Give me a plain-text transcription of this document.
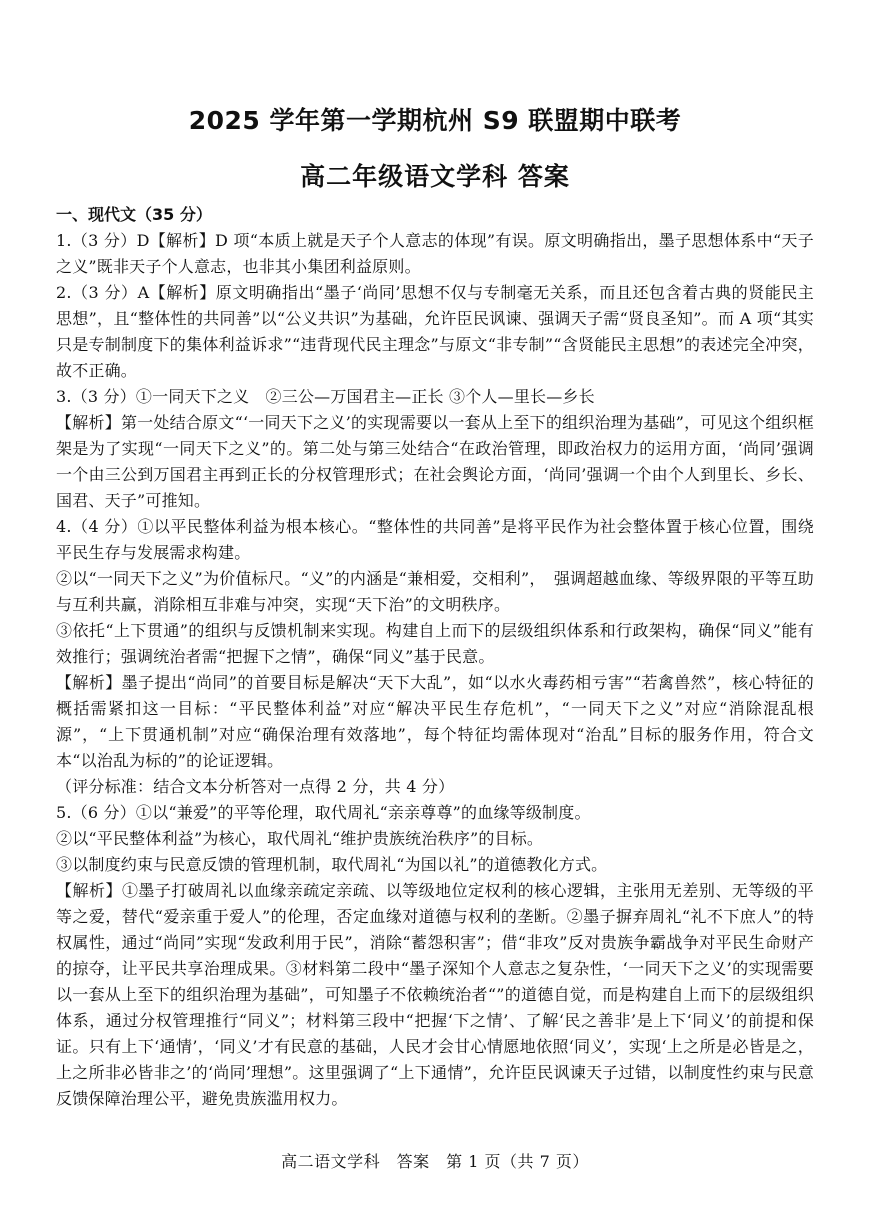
2025 学年第一学期杭州 S9 联盟期中联考
高二年级语文学科 答案
一、现代文（35 分）

1.（3 分）D【解析】D 项“本质上就是天子个人意志的体现”有误。原文明确指出，墨子思想体系中“天子之义”既非天子个人意志，也非其小集团利益原则。

2.（3 分）A【解析】原文明确指出“墨子‘尚同’思想不仅与专制毫无关系，而且还包含着古典的贤能民主思想”，且“整体性的共同善”以“公义共识”为基础，允许臣民讽谏、强调天子需“贤良圣知”。而 A 项“其实只是专制制度下的集体利益诉求”“违背现代民主理念”与原文“非专制”“含贤能民主思想”的表述完全冲突，故不正确。

3.（3 分）①一同天下之义　②三公—万国君主—正长 ③个人—里长—乡长

【解析】第一处结合原文“‘一同天下之义’的实现需要以一套从上至下的组织治理为基础”，可见这个组织框架是为了实现“一同天下之义”的。第二处与第三处结合“在政治管理，即政治权力的运用方面，‘尚同’强调一个由三公到万国君主再到正长的分权管理形式；在社会舆论方面，‘尚同’强调一个由个人到里长、乡长、国君、天子”可推知。

4.（4 分）①以平民整体利益为根本核心。“整体性的共同善”是将平民作为社会整体置于核心位置，围绕平民生存与发展需求构建。

②以“一同天下之义”为价值标尺。“义”的内涵是“兼相爱，交相利”，　强调超越血缘、等级界限的平等互助与互利共赢，消除相互非难与冲突，实现“天下治”的文明秩序。

③依托“上下贯通”的组织与反馈机制来实现。构建自上而下的层级组织体系和行政架构，确保“同义”能有效推行；强调统治者需“把握下之情”，确保“同义”基于民意。

【解析】墨子提出“尚同”的首要目标是解决“天下大乱”，如“以水火毒药相亏害”“若禽兽然”，核心特征的概括需紧扣这一目标：“平民整体利益”对应“解决平民生存危机”，“一同天下之义”对应“消除混乱根源”，“上下贯通机制”对应“确保治理有效落地”，每个特征均需体现对“治乱”目标的服务作用，符合文本“以治乱为标的”的论证逻辑。

（评分标准：结合文本分析答对一点得 2 分，共 4 分）

5.（6 分）①以“兼爱”的平等伦理，取代周礼“亲亲尊尊”的血缘等级制度。

②以“平民整体利益”为核心，取代周礼“维护贵族统治秩序”的目标。

③以制度约束与民意反馈的管理机制，取代周礼“为国以礼”的道德教化方式。

【解析】①墨子打破周礼以血缘亲疏定亲疏、以等级地位定权利的核心逻辑，主张用无差别、无等级的平等之爱，替代“爱亲重于爱人”的伦理，否定血缘对道德与权利的垄断。②墨子摒弃周礼“礼不下庶人”的特权属性，通过“尚同”实现“发政利用于民”，消除“蓄怨积害”；借“非攻”反对贵族争霸战争对平民生命财产的掠夺，让平民共享治理成果。③材料第二段中“墨子深知个人意志之复杂性，‘一同天下之义’的实现需要以一套从上至下的组织治理为基础”，可知墨子不依赖统治者“”的道德自觉，而是构建自上而下的层级组织体系，通过分权管理推行“同义”；材料第三段中“把握‘下之情’、了解‘民之善非’是上下‘同义’的前提和保证。只有上下‘通情’，‘同义’才有民意的基础，人民才会甘心情愿地依照‘同义’，实现‘上之所是必皆是之，上之所非必皆非之’的‘尚同’理想”。这里强调了“上下通情”，允许臣民讽谏天子过错，以制度性约束与民意反馈保障治理公平，避免贵族滥用权力。

高二语文学科　答案　第 1 页（共 7 页）
